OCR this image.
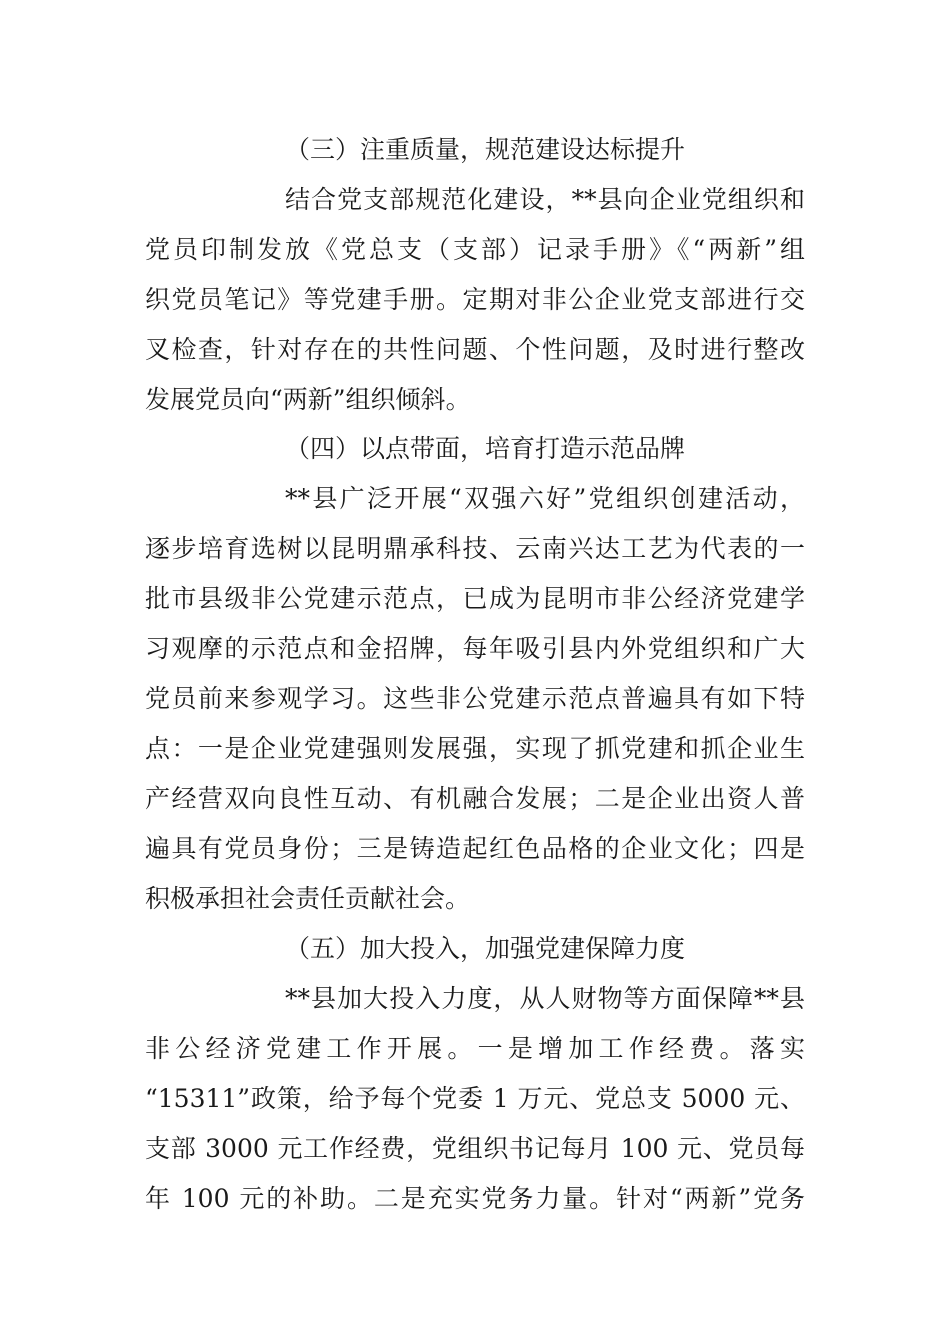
（三）注重质量，规范建设达标提升
结合党支部规范化建设，**县向企业党组织和
党员印制发放《党总支（支部）记录手册》《“两新”组
织党员笔记》等党建手册。定期对非公企业党支部进行交
叉检查，针对存在的共性问题、个性问题，及时进行整改
发展党员向“两新”组织倾斜。
（四）以点带面，培育打造示范品牌
**县广泛开展“双强六好”党组织创建活动，
逐步培育选树以昆明鼎承科技、云南兴达工艺为代表的一
批市县级非公党建示范点，已成为昆明市非公经济党建学
习观摩的示范点和金招牌，每年吸引县内外党组织和广大
党员前来参观学习。这些非公党建示范点普遍具有如下特
点：一是企业党建强则发展强，实现了抓党建和抓企业生
产经营双向良性互动、有机融合发展；二是企业出资人普
遍具有党员身份；三是铸造起红色品格的企业文化；四是
积极承担社会责任贡献社会。
（五）加大投入，加强党建保障力度
**县加大投入力度，从人财物等方面保障**县
非公经济党建工作开展。一是增加工作经费。落实
“15311”政策，给予每个党委 1 万元、党总支 5000 元、
支部 3000 元工作经费，党组织书记每月 100 元、党员每
年 100 元的补助。二是充实党务力量。针对“两新”党务
